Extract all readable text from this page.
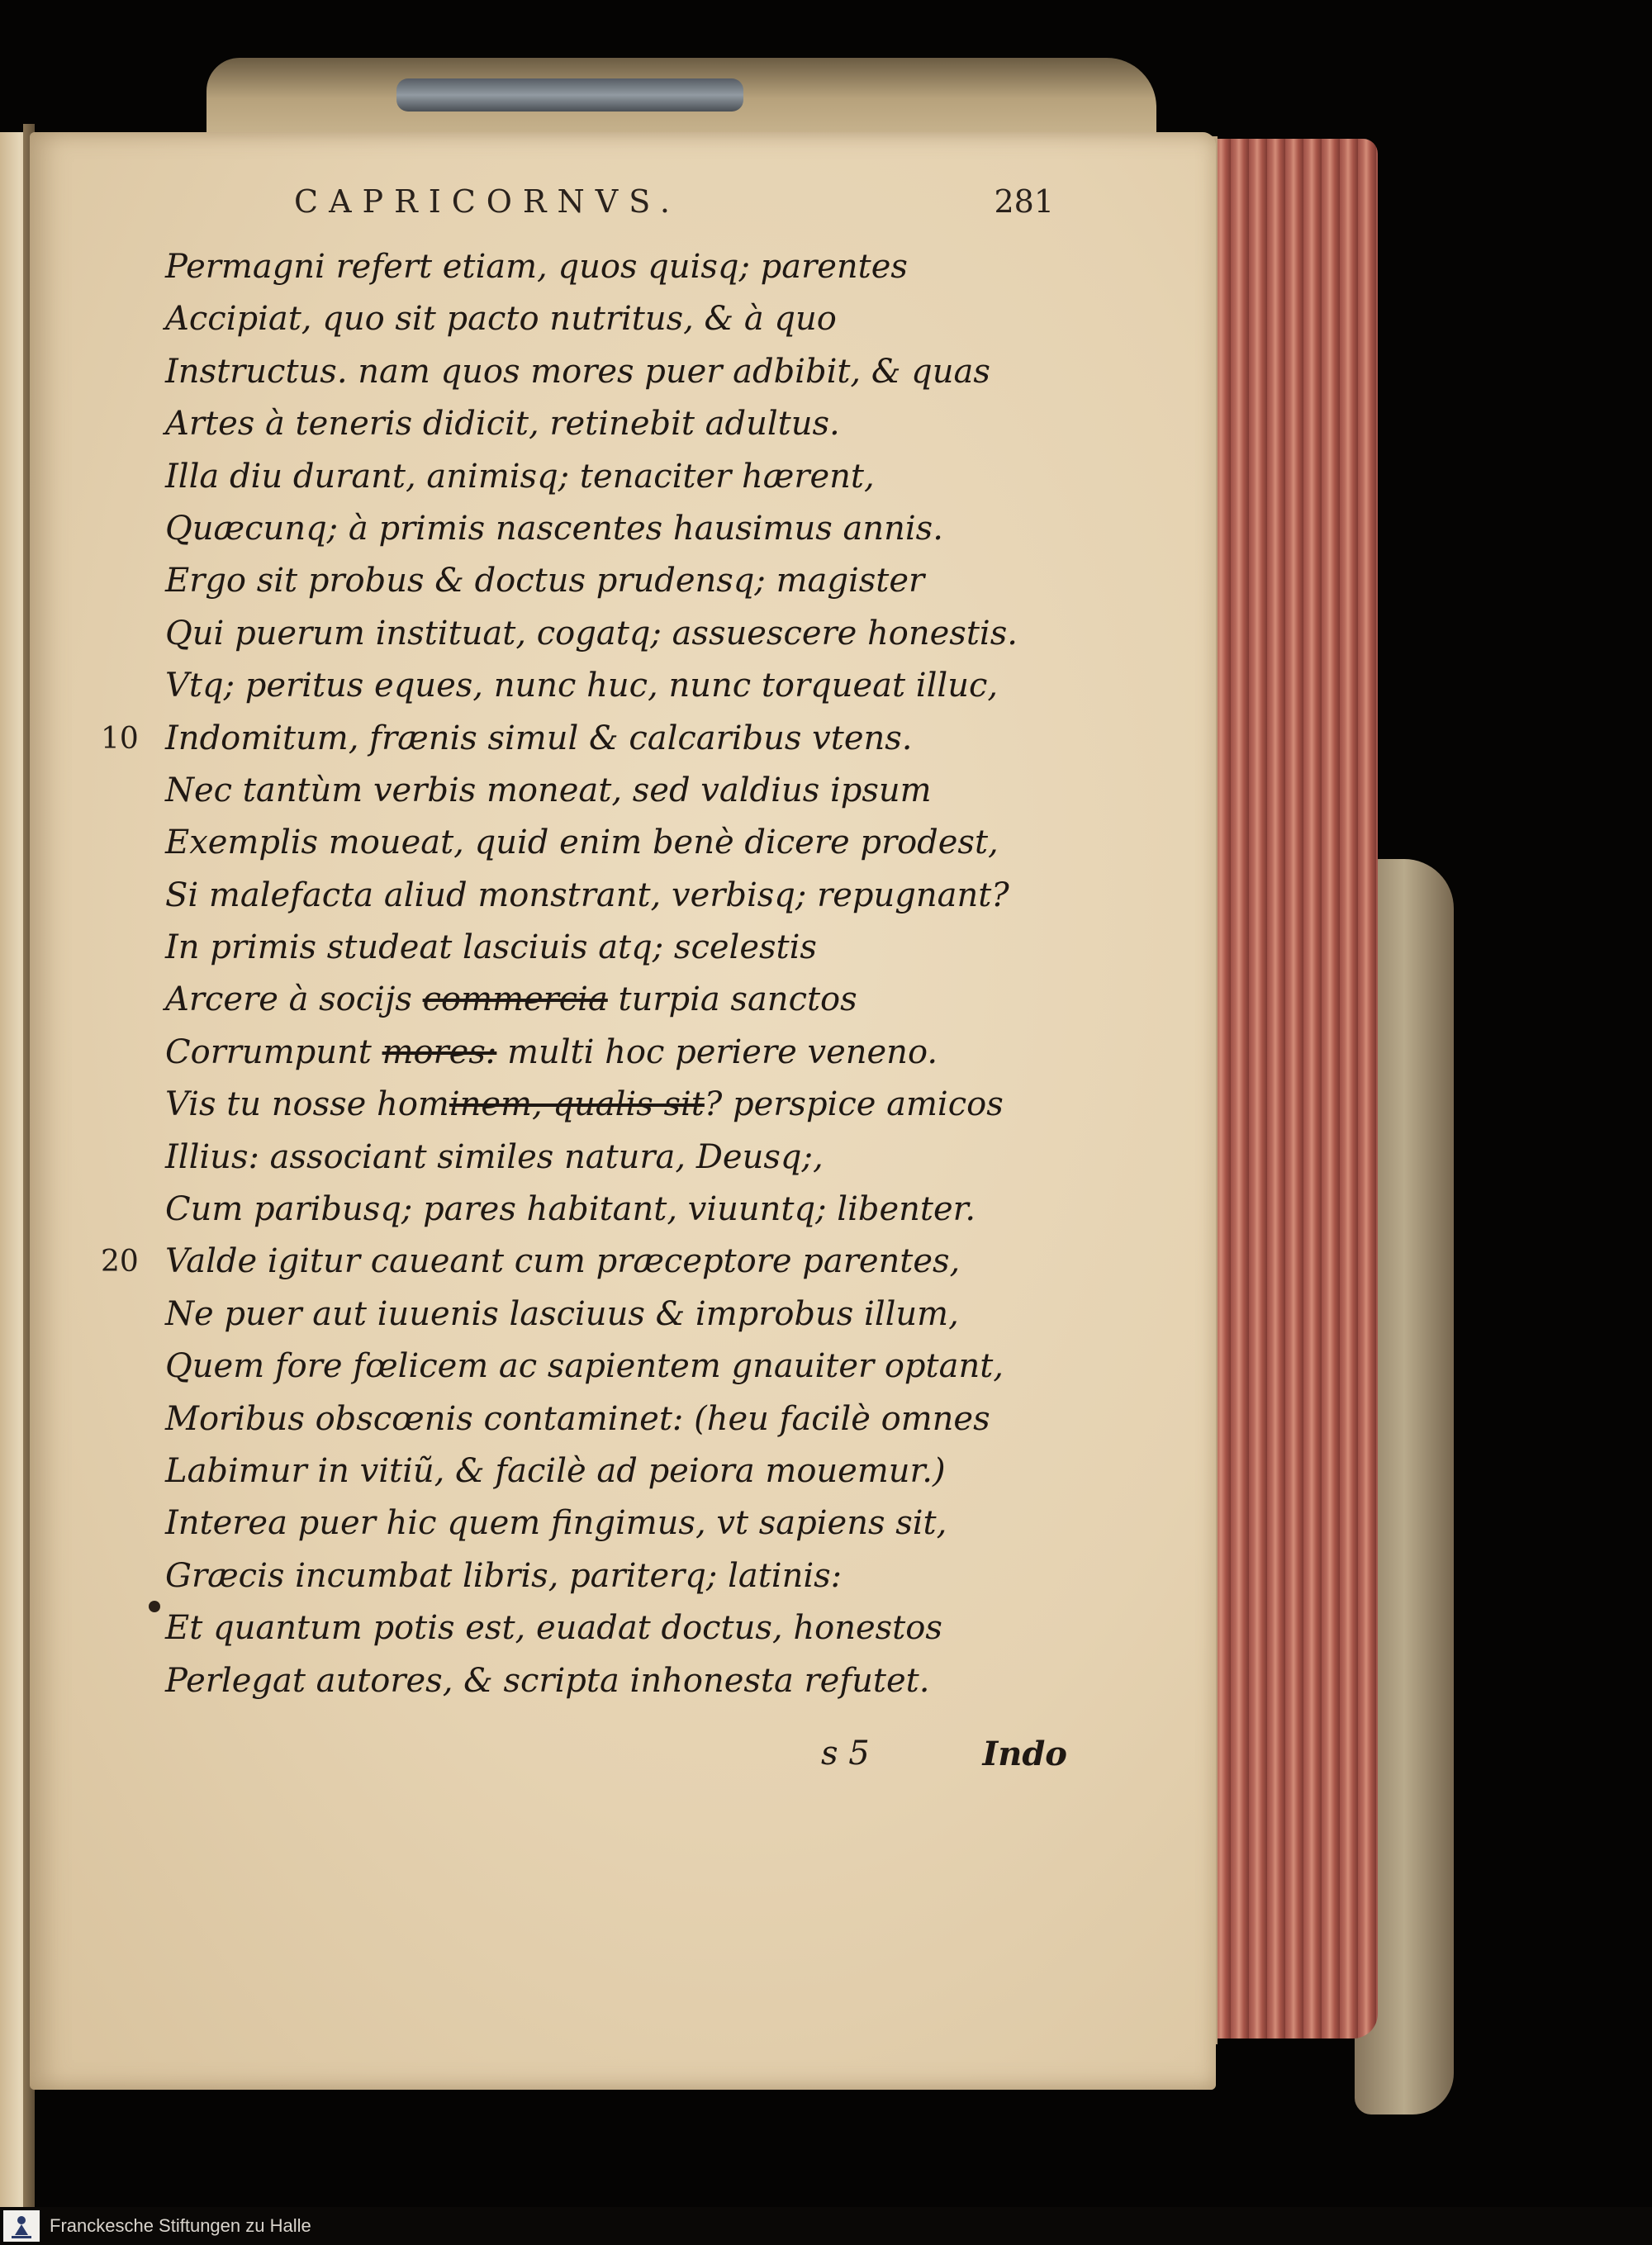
CAPRICORNVS.	281
Permagni refert etiam, quos quisq; parentes
Accipiat, quo sit pacto nutritus, & à quo
Instructus. nam quos mores puer adbibit, & quas
Artes à teneris didicit, retinebit adultus.
Illa diu durant, animisq; tenaciter hærent,
Quæcunq; à primis nascentes hausimus annis.
Ergo sit probus & doctus prudensq; magister
Qui puerum instituat, cogatq; assuescere honestis.
Vtq; peritus eques, nunc huc, nunc torqueat illuc,
10 Indomitum, frænis simul & calcaribus vtens.
Nec tantùm verbis moneat, sed valdius ipsum
Exemplis moueat, quid enim benè dicere prodest,
Si malefacta aliud monstrant, verbisq; repugnant?
In primis studeat lasciuis atq; scelestis
Arcere à socijs commercia turpia sanctos
Corrumpunt mores: multi hoc periere veneno.
Vis tu nosse hominem, qualis sit? perspice amicos
Illius: associant similes natura, Deusq;,
Cum paribusq; pares habitant, viuuntq; libenter.
20 Valde igitur caueant cum præceptore parentes,
Ne puer aut iuuenis lasciuus & improbus illum,
Quem fore fœlicem ac sapientem gnauiter optant,
Moribus obscœnis contaminet: (heu facilè omnes
Labimur in vitiũ, & facilè ad peiora mouemur.)
Interea puer hic quem fingimus, vt sapiens sit,
Græcis incumbat libris, pariterq; latinis:
Et quantum potis est, euadat doctus, honestos
Perlegat autores, & scripta inhonesta refutet.
s 5	Indo
Franckesche Stiftungen zu Halle
